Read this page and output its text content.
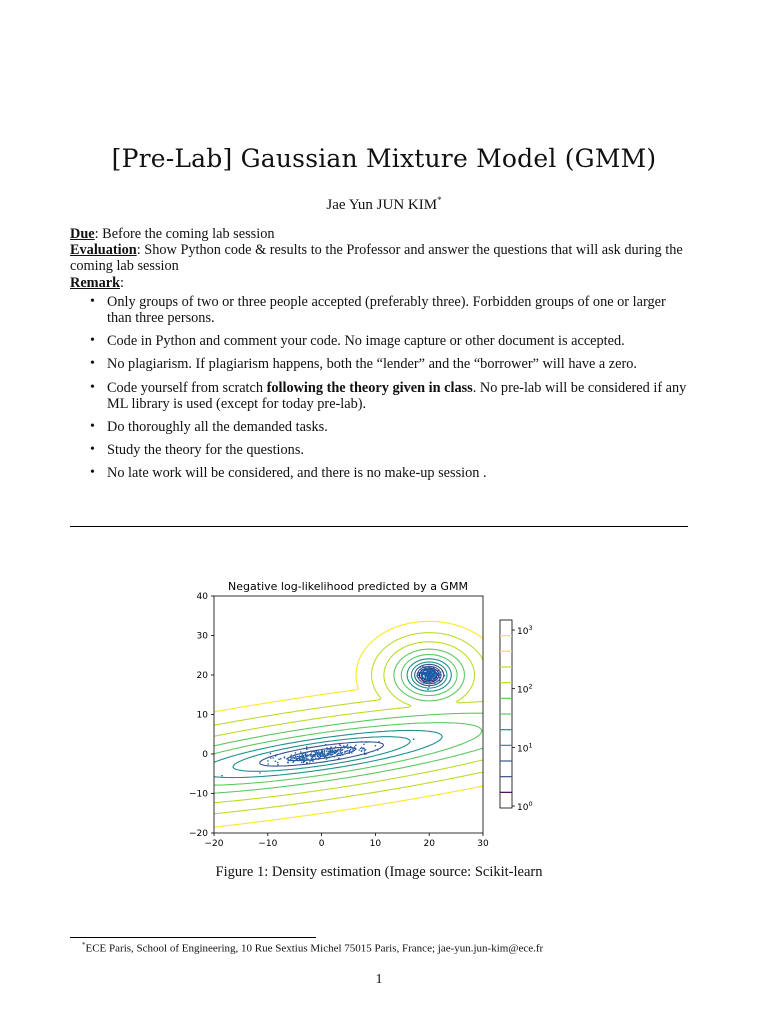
[Pre-Lab] Gaussian Mixture Model (GMM)
Jae Yun JUN KIM*

Due: Before the coming lab session

Evaluation: Show Python code & results to the Professor and answer the questions that will ask during the coming lab session

Remark:

• Only groups of two or three people accepted (preferably three). Forbidden groups of one or larger than three persons.
• Code in Python and comment your code. No image capture or other document is accepted.
• No plagiarism. If plagiarism happens, both the “lender” and the “borrower” will have a zero.
• Code yourself from scratch following the theory given in class. No pre-lab will be considered if any ML library is used (except for today pre-lab).
• Do thoroughly all the demanded tasks.
• Study the theory for the questions.
• No late work will be considered, and there is no make-up session .
Negative log-likelihood predicted by a GMM
−20	−10	0	10	20	30
−20
−10
0
10
20
30
40
$10^0$
$10^1$
$10^2$
$10^3$
Figure 1: Density estimation (Image source: Scikit-learn
*ECE Paris, School of Engineering, 10 Rue Sextius Michel 75015 Paris, France; jae-yun.jun-kim@ece.fr
1
